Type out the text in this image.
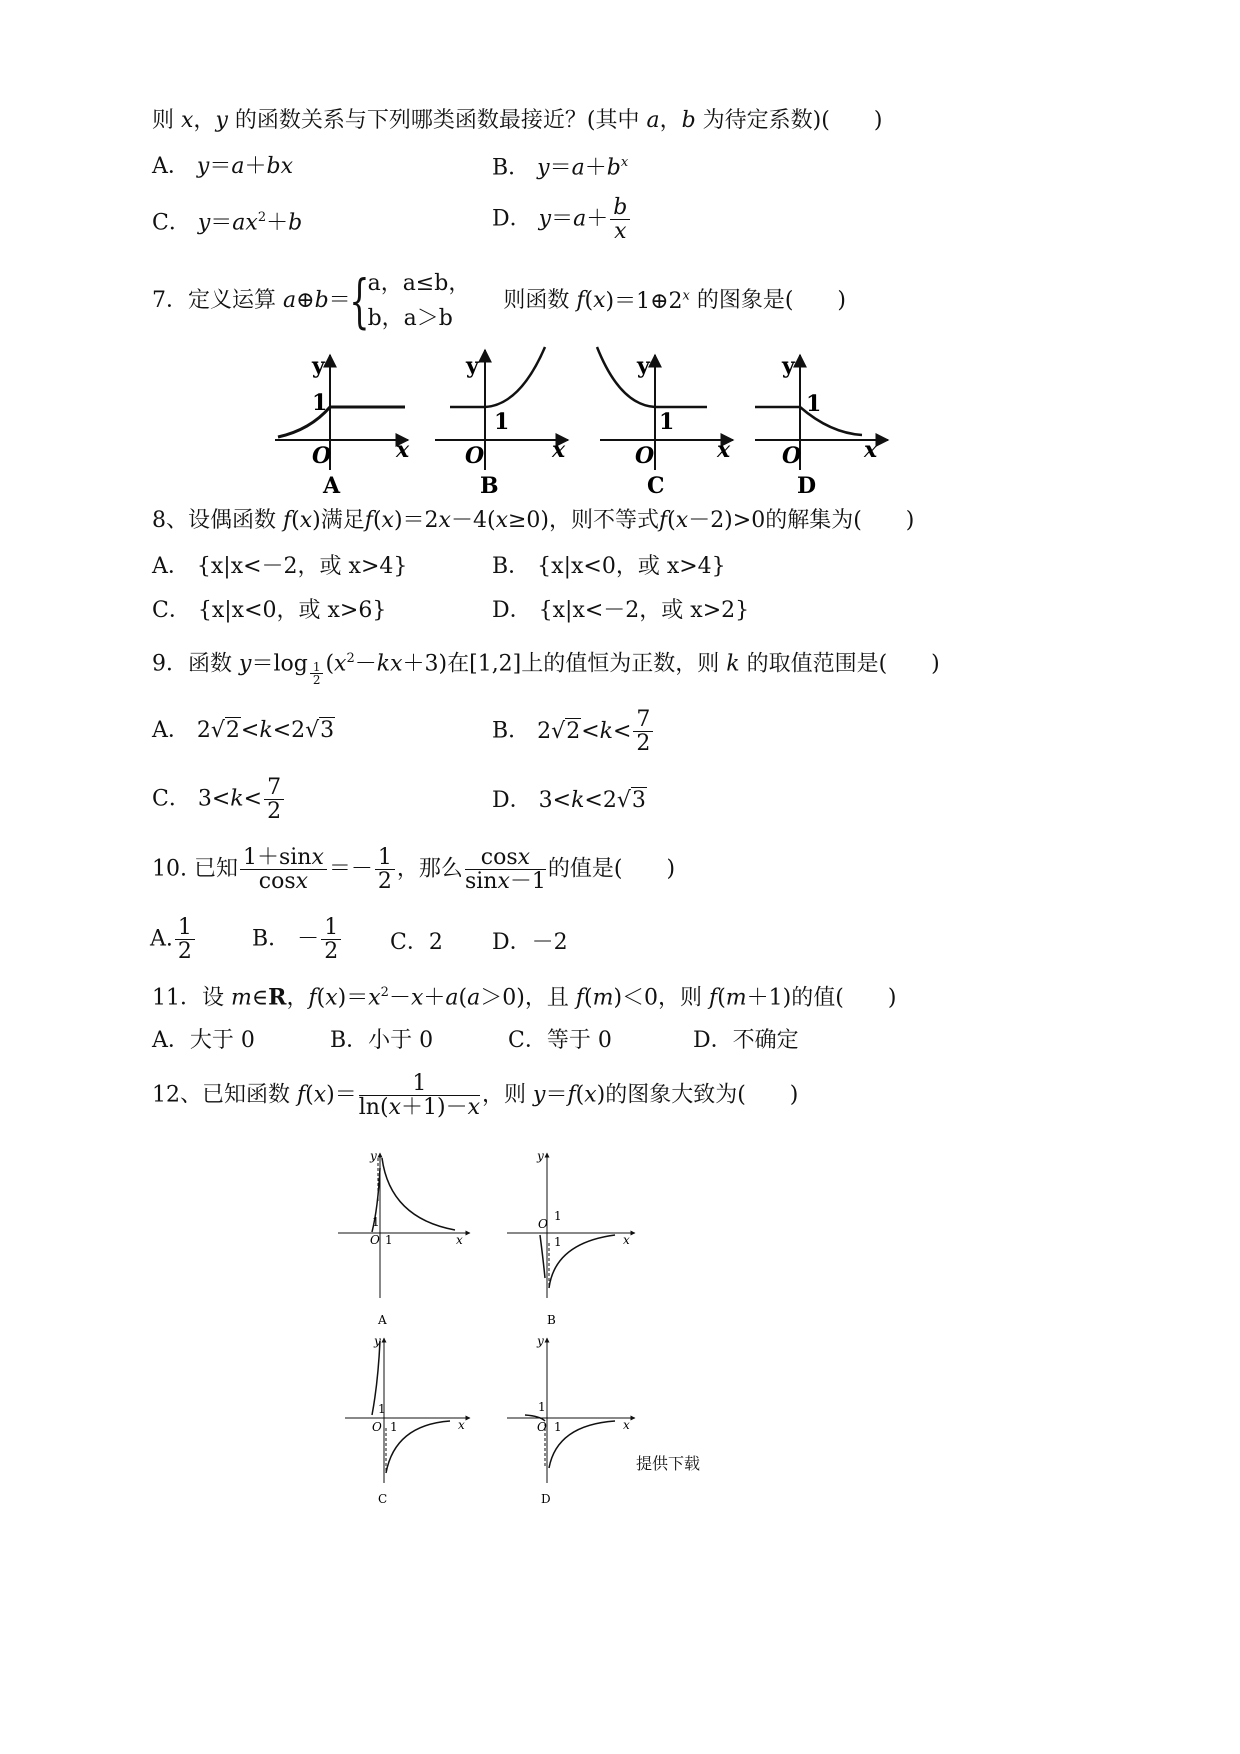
则 x，y 的函数关系与下列哪类函数最接近？(其中 a，b 为待定系数)(　　)
A． y＝a＋bx	B． $y=a+b^x$
C． $y=ax^2+b$	D． $y=a+ \frac{b}{x}$
7．定义运算 a⊕b＝{
a，a≤b，
b，a＞b
则函数 $f(x)=1\oplus 2^x$ 的图象是(　　)
y
1
O	x
A
y
1
O	x
B
y
1
O	x
C
y
1
O	x
D
8、设偶函数 f(x)满足f(x)＝2x－4(x≥0)，则不等式f(x－2)>0的解集为(　　)
A． {x|x<－2，或 x>4}	B． {x|x<0，或 x>4}
C． {x|x<0，或 x>6}	D． {x|x<－2，或 x>2}
9．函数 $y=\log \frac{1}{2} (x^2-kx+3)$在[1,2]上的值恒为正数，则 k 的取值范围是(　　)
A． 2√2<k<2√3	B． $2√2<k< \frac{7}{2}$
C． $3<k< \frac{7}{2}$	D． 3<k<2√3
10. 已知 $\frac{1+\sin x}{\cos x} =- \frac{1}{2}$ ，那么 $\frac{\cos x}{\sin x-1}$ 的值是(　　)
A. $\frac{1}{2}$	B． － $\frac{1}{2}$ C．2 D．－2
11．设 m∈R，$f(x)=x^2-x+a(a>0)$，且 f(m)＜0，则 f(m＋1)的值(　　)
A．大于 0	B．小于 0	C．等于 0	D．不确定
12、已知函数 $f(x)= \frac{1}{\ln(x+1)-x}$ ，则 y＝f(x)的图象大致为(　　)
y
1
O 1	x
A
y
O
1
1	x
B
y
1
O 1	x
C
y
1
O 1	x
D
提供下载
